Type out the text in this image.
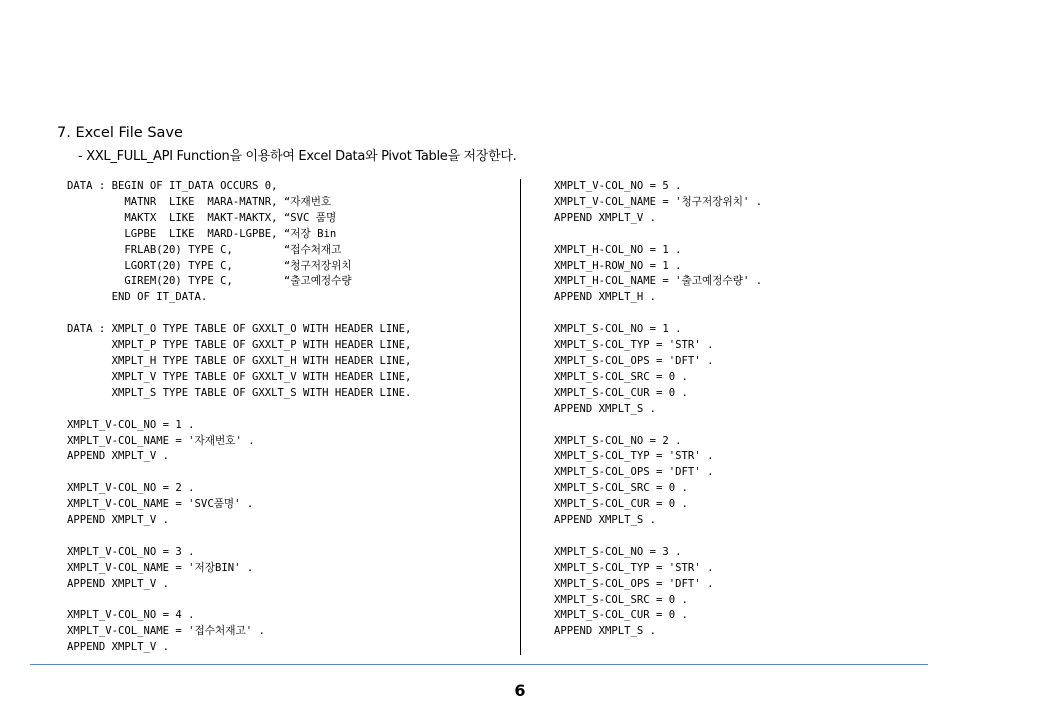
7. Excel File Save
- XXL_FULL_API Function을 이용하여 Excel Data와 Pivot Table을 저장한다.
DATA : BEGIN OF IT_DATA OCCURS 0,
MATNR  LIKE  MARA-MATNR, “자재번호
MAKTX  LIKE  MAKT-MAKTX, “SVC 품명
LGPBE  LIKE  MARD-LGPBE, “저장 Bin
FRLAB(20) TYPE C,        “접수처재고
LGORT(20) TYPE C,        “청구저장위치
GIREM(20) TYPE C,        “출고예정수량
END OF IT_DATA.

DATA : XMPLT_O TYPE TABLE OF GXXLT_O WITH HEADER LINE,
XMPLT_P TYPE TABLE OF GXXLT_P WITH HEADER LINE,
XMPLT_H TYPE TABLE OF GXXLT_H WITH HEADER LINE,
XMPLT_V TYPE TABLE OF GXXLT_V WITH HEADER LINE,
XMPLT_S TYPE TABLE OF GXXLT_S WITH HEADER LINE.

XMPLT_V-COL_NO = 1 .
XMPLT_V-COL_NAME = '자재번호' .
APPEND XMPLT_V .

XMPLT_V-COL_NO = 2 .
XMPLT_V-COL_NAME = 'SVC품명' .
APPEND XMPLT_V .

XMPLT_V-COL_NO = 3 .
XMPLT_V-COL_NAME = '저장BIN' .
APPEND XMPLT_V .

XMPLT_V-COL_NO = 4 .
XMPLT_V-COL_NAME = '접수처재고' .
APPEND XMPLT_V .
XMPLT_V-COL_NO = 5 .
XMPLT_V-COL_NAME = '청구저장위치' .
APPEND XMPLT_V .

XMPLT_H-COL_NO = 1 .
XMPLT_H-ROW_NO = 1 .
XMPLT_H-COL_NAME = '출고예정수량' .
APPEND XMPLT_H .

XMPLT_S-COL_NO = 1 .
XMPLT_S-COL_TYP = 'STR' .
XMPLT_S-COL_OPS = 'DFT' .
XMPLT_S-COL_SRC = 0 .
XMPLT_S-COL_CUR = 0 .
APPEND XMPLT_S .

XMPLT_S-COL_NO = 2 .
XMPLT_S-COL_TYP = 'STR' .
XMPLT_S-COL_OPS = 'DFT' .
XMPLT_S-COL_SRC = 0 .
XMPLT_S-COL_CUR = 0 .
APPEND XMPLT_S .

XMPLT_S-COL_NO = 3 .
XMPLT_S-COL_TYP = 'STR' .
XMPLT_S-COL_OPS = 'DFT' .
XMPLT_S-COL_SRC = 0 .
XMPLT_S-COL_CUR = 0 .
APPEND XMPLT_S .
6
